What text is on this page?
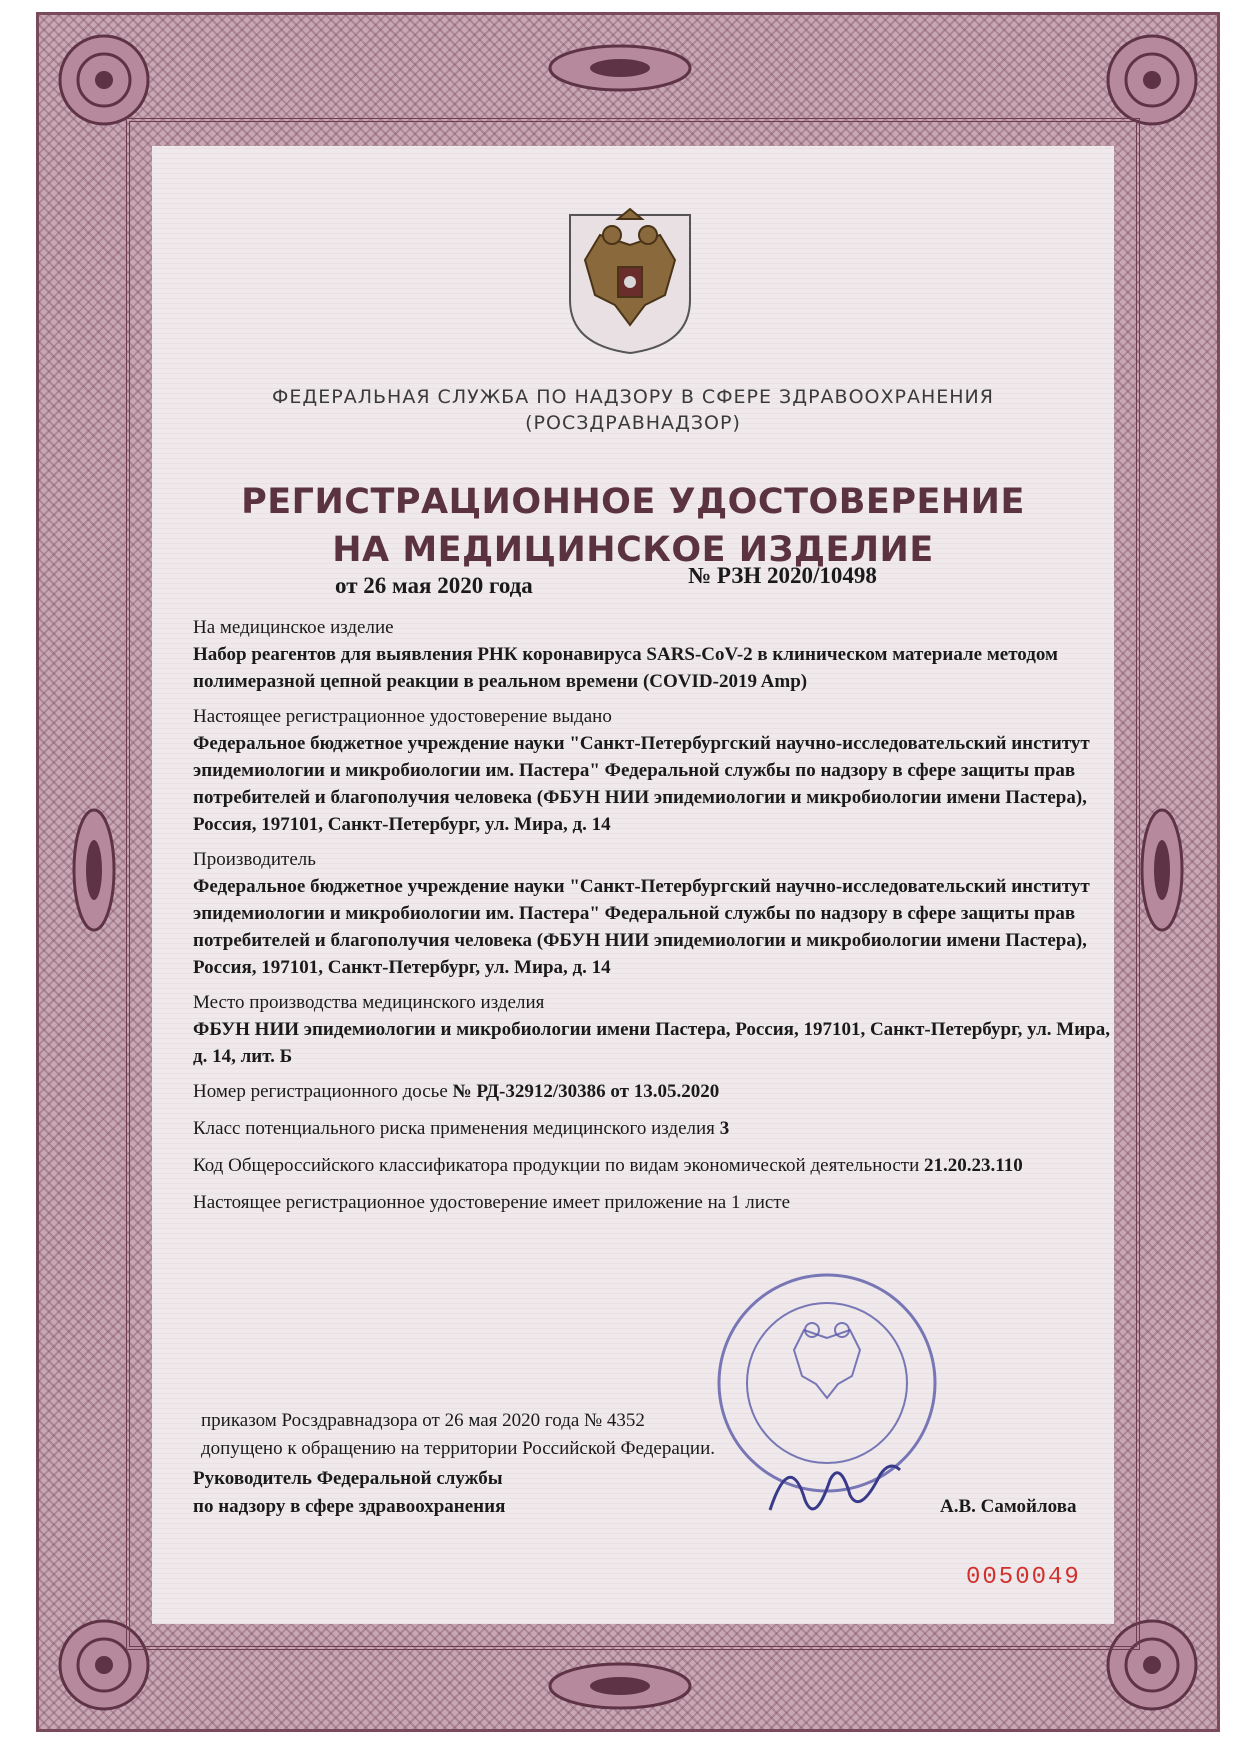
ФЕДЕРАЛЬНАЯ СЛУЖБА ПО НАДЗОРУ В СФЕРЕ ЗДРАВООХРАНЕНИЯ
(РОСЗДРАВНАДЗОР)
РЕГИСТРАЦИОННОЕ УДОСТОВЕРЕНИЕ
НА МЕДИЦИНСКОЕ ИЗДЕЛИЕ
от 26 мая 2020 года	№ РЗН 2020/10498
На медицинское изделие
Набор реагентов для выявления РНК коронавируса SARS-CoV-2 в клиническом материале методом полимеразной цепной реакции в реальном времени (COVID-2019 Amp)
Настоящее регистрационное удостоверение выдано
Федеральное бюджетное учреждение науки "Санкт-Петербургский научно-исследовательский институт эпидемиологии и микробиологии им. Пастера" Федеральной службы по надзору в сфере защиты прав потребителей и благополучия человека (ФБУН НИИ эпидемиологии и микробиологии имени Пастера), Россия, 197101, Санкт-Петербург, ул. Мира, д. 14
Производитель
Федеральное бюджетное учреждение науки "Санкт-Петербургский научно-исследовательский институт эпидемиологии и микробиологии им. Пастера" Федеральной службы по надзору в сфере защиты прав потребителей и благополучия человека (ФБУН НИИ эпидемиологии и микробиологии имени Пастера), Россия, 197101, Санкт-Петербург, ул. Мира, д. 14
Место производства медицинского изделия
ФБУН НИИ эпидемиологии и микробиологии имени Пастера, Россия, 197101, Санкт-Петербург, ул. Мира, д. 14, лит. Б
Номер регистрационного досье № РД-32912/30386 от 13.05.2020
Класс потенциального риска применения медицинского изделия 3
Код Общероссийского классификатора продукции по видам экономической деятельности 21.20.23.110
Настоящее регистрационное удостоверение имеет приложение на 1 листе
приказом Росздравнадзора от 26 мая 2020 года № 4352
допущено к обращению на территории Российской Федерации.
Руководитель Федеральной службы
по надзору в сфере здравоохранения	А.В. Самойлова
0050049
